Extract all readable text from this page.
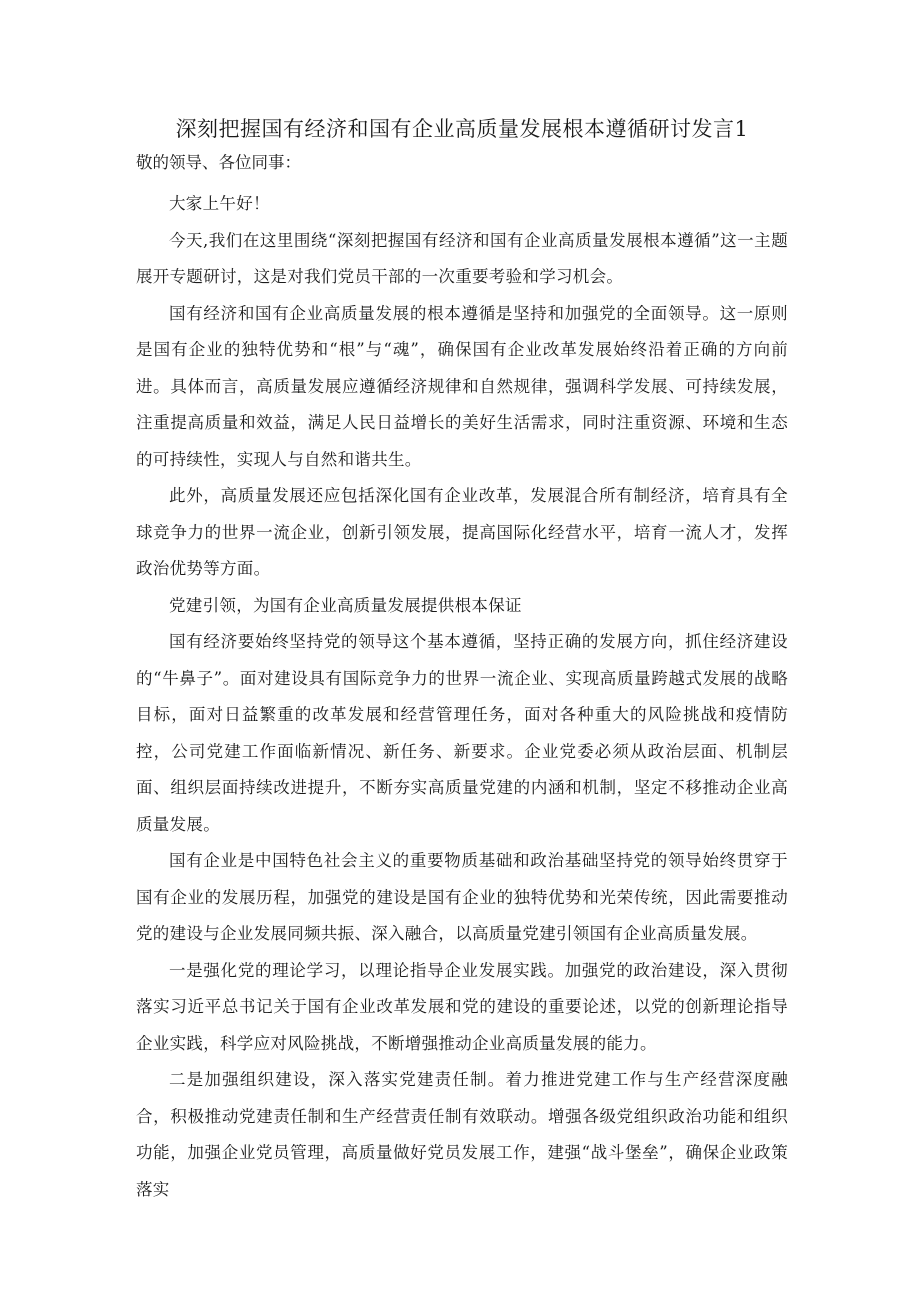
深刻把握国有经济和国有企业高质量发展根本遵循研讨发言1

敬的领导、各位同事：

大家上午好！

今天,我们在这里围绕“深刻把握国有经济和国有企业高质量发展根本遵循”这一主题展开专题研讨，这是对我们党员干部的一次重要考验和学习机会。

国有经济和国有企业高质量发展的根本遵循是坚持和加强党的全面领导。这一原则是国有企业的独特优势和“根”与“魂”，确保国有企业改革发展始终沿着正确的方向前进。具体而言，高质量发展应遵循经济规律和自然规律，强调科学发展、可持续发展，注重提高质量和效益，满足人民日益增长的美好生活需求，同时注重资源、环境和生态的可持续性，实现人与自然和谐共生。

此外，高质量发展还应包括深化国有企业改革，发展混合所有制经济，培育具有全球竞争力的世界一流企业，创新引领发展，提高国际化经营水平，培育一流人才，发挥政治优势等方面。

党建引领，为国有企业高质量发展提供根本保证

国有经济要始终坚持党的领导这个基本遵循，坚持正确的发展方向，抓住经济建设的“牛鼻子”。面对建设具有国际竞争力的世界一流企业、实现高质量跨越式发展的战略目标，面对日益繁重的改革发展和经营管理任务，面对各种重大的风险挑战和疫情防控，公司党建工作面临新情况、新任务、新要求。企业党委必须从政治层面、机制层面、组织层面持续改进提升，不断夯实高质量党建的内涵和机制，坚定不移推动企业高质量发展。

国有企业是中国特色社会主义的重要物质基础和政治基础坚持党的领导始终贯穿于国有企业的发展历程，加强党的建设是国有企业的独特优势和光荣传统，因此需要推动党的建设与企业发展同频共振、深入融合，以高质量党建引领国有企业高质量发展。

一是强化党的理论学习，以理论指导企业发展实践。加强党的政治建设，深入贯彻落实习近平总书记关于国有企业改革发展和党的建设的重要论述，以党的创新理论指导企业实践，科学应对风险挑战，不断增强推动企业高质量发展的能力。

二是加强组织建设，深入落实党建责任制。着力推进党建工作与生产经营深度融合，积极推动党建责任制和生产经营责任制有效联动。增强各级党组织政治功能和组织功能，加强企业党员管理，高质量做好党员发展工作，建强“战斗堡垒”，确保企业政策落实
